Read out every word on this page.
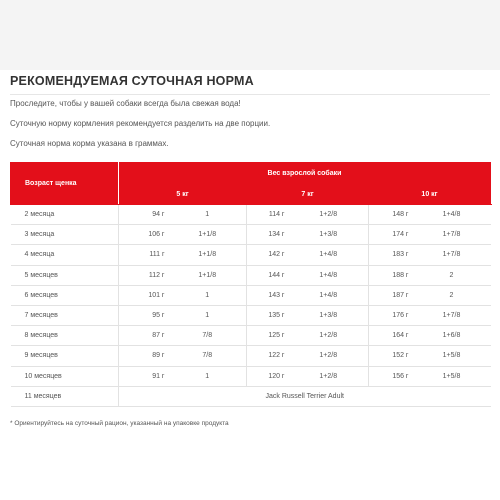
РЕКОМЕНДУЕМАЯ СУТОЧНАЯ НОРМА

Проследите, чтобы у вашей собаки всегда была свежая вода!

Суточную норму кормления рекомендуется разделить на две порции.

Суточная норма корма указана в граммах.

Возраст щенка	Вес взрослой собаки					
	5 кг		7 кг		10 кг	
2 месяца	94 г	1	114 г	1+2/8	148 г	1+4/8
3 месяца	106 г	1+1/8	134 г	1+3/8	174 г	1+7/8
4 месяца	111 г	1+1/8	142 г	1+4/8	183 г	1+7/8
5 месяцев	112 г	1+1/8	144 г	1+4/8	188 г	2
6 месяцев	101 г	1	143 г	1+4/8	187 г	2
7 месяцев	95 г	1	135 г	1+3/8	176 г	1+7/8
8 месяцев	87 г	7/8	125 г	1+2/8	164 г	1+6/8
9 месяцев	89 г	7/8	122 г	1+2/8	152 г	1+5/8
10 месяцев	91 г	1	120 г	1+2/8	156 г	1+5/8
11 месяцев	Jack Russell Terrier Adult					
* Ориентируйтесь на суточный рацион, указанный на упаковке продукта
